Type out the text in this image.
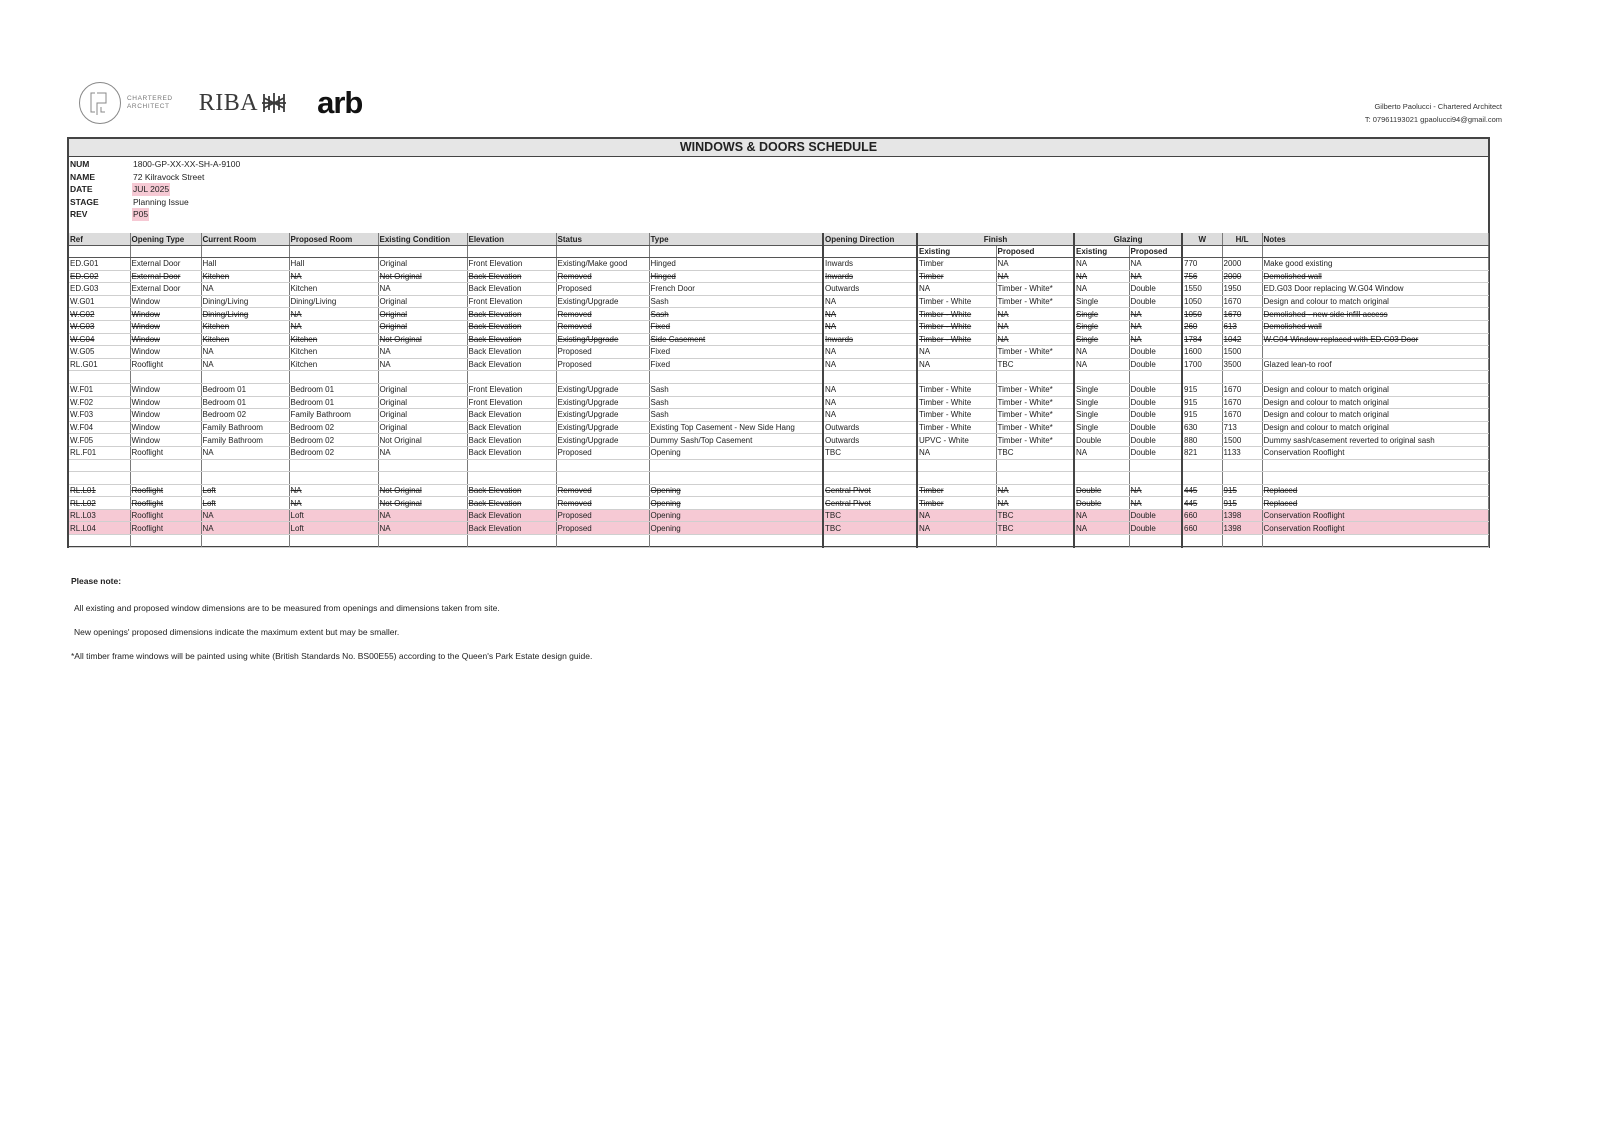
CHARTERED
ARCHITECT RIBA arb	Gilberto Paolucci - Chartered Architect
T: 07961193021 gpaolucci94@gmail.com
WINDOWS & DOORS SCHEDULE
NUM	1800-GP-XX-XX-SH-A-9100
NAME	72 Kilravock Street
DATE	JUL 2025
STAGE	Planning Issue
REV	P05
Ref	Opening Type	Current Room	Proposed Room	Existing Condition	Elevation	Status	Type	Opening Direction	Finish		Glazing		W	H/L	Notes
									Existing	Proposed	Existing	Proposed			
ED.G01	External Door	Hall	Hall	Original	Front Elevation	Existing/Make good	Hinged	Inwards	Timber	NA	NA	NA	770	2000	Make good existing
ED.G02	External Door	Kitchen	NA	Not Original	Back Elevation	Removed	Hinged	Inwards	Timber	NA	NA	NA	756	2000	Demolished wall
ED.G03	External Door	NA	Kitchen	NA	Back Elevation	Proposed	French Door	Outwards	NA	Timber - White*	NA	Double	1550	1950	ED.G03 Door replacing W.G04 Window
W.G01	Window	Dining/Living	Dining/Living	Original	Front Elevation	Existing/Upgrade	Sash	NA	Timber - White	Timber - White*	Single	Double	1050	1670	Design and colour to match original
W.G02	Window	Dining/Living	NA	Original	Back Elevation	Removed	Sash	NA	Timber - White	NA	Single	NA	1050	1670	Demolished - new side infill access
W.G03	Window	Kitchen	NA	Original	Back Elevation	Removed	Fixed	NA	Timber - White	NA	Single	NA	260	613	Demolished wall
W.G04	Window	Kitchen	Kitchen	Not Original	Back Elevation	Existing/Upgrade	Side Casement	Inwards	Timber - White	NA	Single	NA	1784	1042	W.G04 Window replaced with ED.G03 Door
W.G05	Window	NA	Kitchen	NA	Back Elevation	Proposed	Fixed	NA	NA	Timber - White*	NA	Double	1600	1500	
RL.G01	Rooflight	NA	Kitchen	NA	Back Elevation	Proposed	Fixed	NA	NA	TBC	NA	Double	1700	3500	Glazed lean-to roof

W.F01	Window	Bedroom 01	Bedroom 01	Original	Front Elevation	Existing/Upgrade	Sash	NA	Timber - White	Timber - White*	Single	Double	915	1670	Design and colour to match original
W.F02	Window	Bedroom 01	Bedroom 01	Original	Front Elevation	Existing/Upgrade	Sash	NA	Timber - White	Timber - White*	Single	Double	915	1670	Design and colour to match original
W.F03	Window	Bedroom 02	Family Bathroom	Original	Back Elevation	Existing/Upgrade	Sash	NA	Timber - White	Timber - White*	Single	Double	915	1670	Design and colour to match original
W.F04	Window	Family Bathroom	Bedroom 02	Original	Back Elevation	Existing/Upgrade	Existing Top Casement - New Side Hang	Outwards	Timber - White	Timber - White*	Single	Double	630	713	Design and colour to match original
W.F05	Window	Family Bathroom	Bedroom 02	Not Original	Back Elevation	Existing/Upgrade	Dummy Sash/Top Casement	Outwards	UPVC - White	Timber - White*	Double	Double	880	1500	Dummy sash/casement reverted to original sash
RL.F01	Rooflight	NA	Bedroom 02	NA	Back Elevation	Proposed	Opening	TBC	NA	TBC	NA	Double	821	1133	Conservation Rooflight

RL.L01	Rooflight	Loft	NA	Not Original	Back Elevation	Removed	Opening	Central Pivot	Timber	NA	Double	NA	445	915	Replaced
RL.L02	Rooflight	Loft	NA	Not Original	Back Elevation	Removed	Opening	Central Pivot	Timber	NA	Double	NA	445	915	Replaced
RL.L03	Rooflight	NA	Loft	NA	Back Elevation	Proposed	Opening	TBC	NA	TBC	NA	Double	660	1398	Conservation Rooflight
RL.L04	Rooflight	NA	Loft	NA	Back Elevation	Proposed	Opening	TBC	NA	TBC	NA	Double	660	1398	Conservation Rooflight

Please note:
All existing and proposed window dimensions are to be measured from openings and dimensions taken from site.
New openings' proposed dimensions indicate the maximum extent but may be smaller.
*All timber frame windows will be painted using white (British Standards No. BS00E55) according to the Queen's Park Estate design guide.
